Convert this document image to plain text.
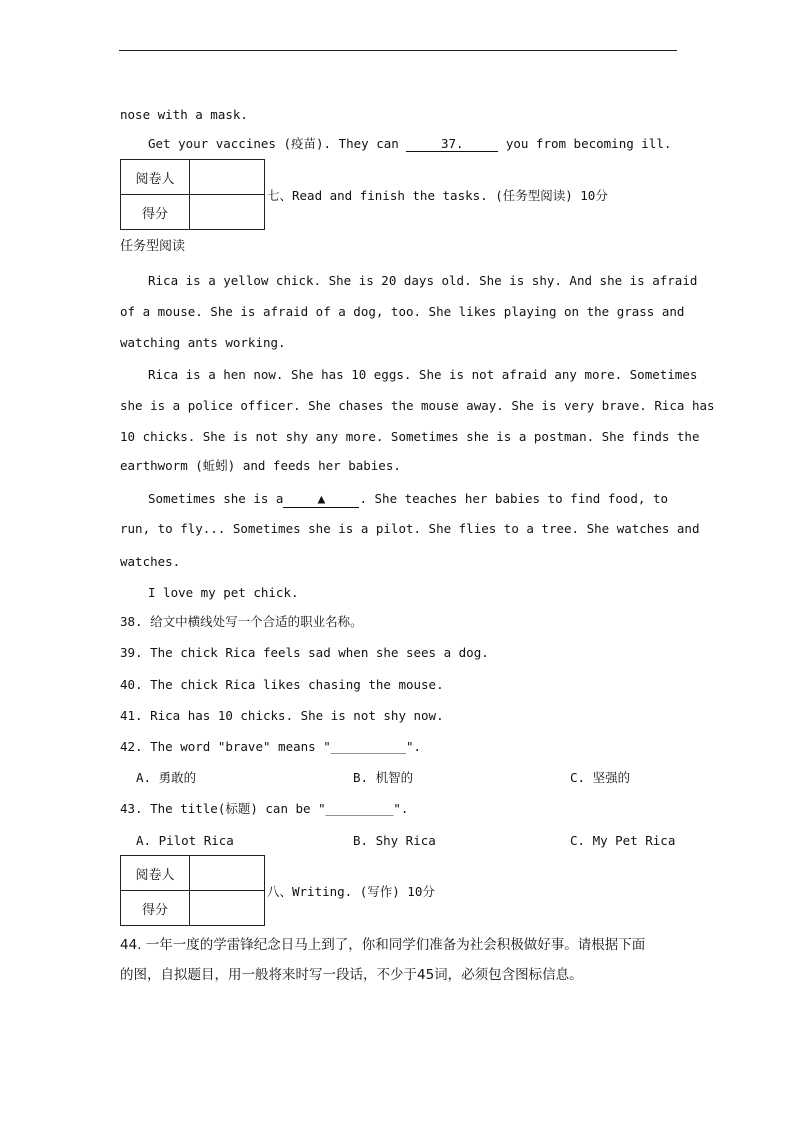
nose with a mask.
Get your vaccines (疫苗). They can	37.	you from becoming ill.
阅卷人	
得分	
七、Read and finish the tasks. (任务型阅读) 10分
任务型阅读
Rica is a yellow chick. She is 20 days old. She is shy. And she is afraid
of a mouse. She is afraid of a dog, too. She likes playing on the grass and
watching ants working.
Rica is a hen now. She has 10 eggs. She is not afraid any more. Sometimes
she is a police officer. She chases the mouse away. She is very brave. Rica has
10 chicks. She is not shy any more. Sometimes she is a postman. She finds the
earthworm (蚯蚓) and feeds her babies.
Sometimes she is a	▲	. She teaches her babies to find food, to
run, to fly... Sometimes she is a pilot. She flies to a tree. She watches and
watches.
I love my pet chick.
38. 给文中横线处写一个合适的职业名称。
39. The chick Rica feels sad when she sees a dog.
40. The chick Rica likes chasing the mouse.
41. Rica has 10 chicks. She is not shy now.
42. The word "brave" means "__________".
A. 勇敢的	B. 机智的	C. 坚强的
43. The title(标题) can be "_________".
A. Pilot Rica	B. Shy Rica	C. My Pet Rica
阅卷人	
得分	
八、Writing. (写作) 10分
44. 一年一度的学雷锋纪念日马上到了，你和同学们准备为社会积极做好事。请根据下面
的图，自拟题目，用一般将来时写一段话，不少于45词，必须包含图标信息。
